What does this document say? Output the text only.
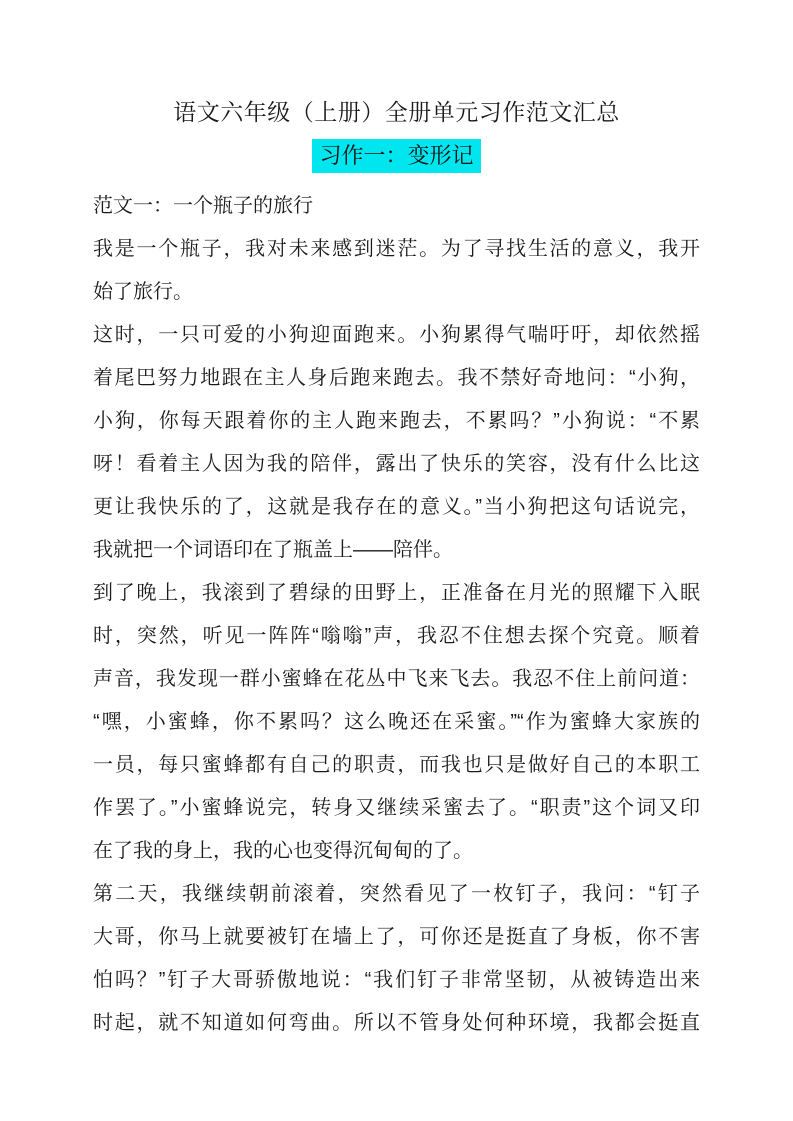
语文六年级（上册）全册单元习作范文汇总
习作一：变形记
范文一：一个瓶子的旅行
我是一个瓶子，我对未来感到迷茫。为了寻找生活的意义，我开
始了旅行。
这时，一只可爱的小狗迎面跑来。小狗累得气喘吁吁，却依然摇
着尾巴努力地跟在主人身后跑来跑去。我不禁好奇地问：“小狗，
小狗，你每天跟着你的主人跑来跑去，不累吗？”小狗说：“不累
呀！看着主人因为我的陪伴，露出了快乐的笑容，没有什么比这
更让我快乐的了，这就是我存在的意义。”当小狗把这句话说完，
我就把一个词语印在了瓶盖上——陪伴。
到了晚上，我滚到了碧绿的田野上，正准备在月光的照耀下入眠
时，突然，听见一阵阵“嗡嗡”声，我忍不住想去探个究竟。顺着
声音，我发现一群小蜜蜂在花丛中飞来飞去。我忍不住上前问道：
“嘿，小蜜蜂，你不累吗？这么晚还在采蜜。”“作为蜜蜂大家族的
一员，每只蜜蜂都有自己的职责，而我也只是做好自己的本职工
作罢了。”小蜜蜂说完，转身又继续采蜜去了。“职责”这个词又印
在了我的身上，我的心也变得沉甸甸的了。
第二天，我继续朝前滚着，突然看见了一枚钉子，我问：“钉子
大哥，你马上就要被钉在墙上了，可你还是挺直了身板，你不害
怕吗？”钉子大哥骄傲地说：“我们钉子非常坚韧，从被铸造出来
时起，就不知道如何弯曲。所以不管身处何种环境，我都会挺直
